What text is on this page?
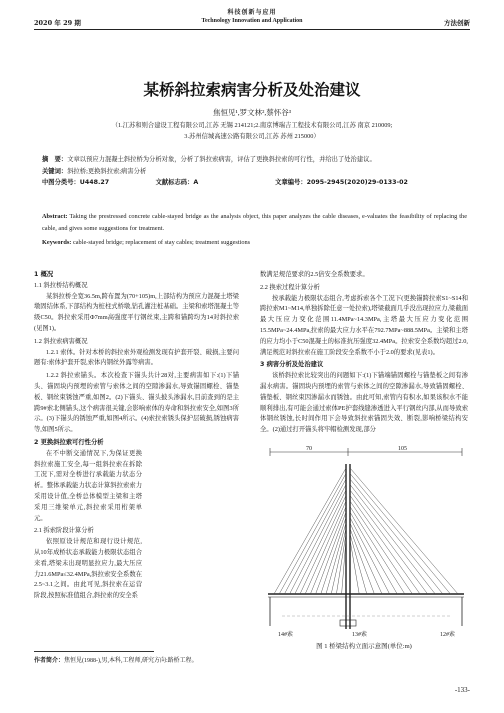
科技创新与应用
2020 年 29 期	Technology Innovation and Application	方法创新
某桥斜拉索病害分析及处治建议
焦恒见¹,罗文林²,蔡怀谷³
（1.江苏和则合建设工程有限公司,江苏 无锡 214121;2.南京博瑞吉工程技术有限公司,江苏 南京 210009;
3.苏州信城高速公路有限公司,江苏 苏州 215000）
摘　要：文章以预应力混凝土斜拉桥为分析对象，分析了斜拉索病害，评估了更换斜拉索的可行性，并给出了处治建议。
关键词：斜拉桥;更换斜拉索;病害分析
中图分类号：U448.27	文献标志码：A	文章编号：2095-2945(2020)29-0133-02
Abstract: Taking the prestressed concrete cable-stayed bridge as the analysis object, this paper analyzes the cable diseases, e-valuates the feasibility of replacing the cable, and gives some suggestions for treatment.
Keywords: cable-stayed bridge; replacement of stay cables; treatment suggestions

1 概况

1.1 斜拉桥结构概况

某斜拉桥全宽36.5m,跨布置为(70+105)m,上部结构为预应力混凝土塔梁墩固结体系,下部结构为桩柱式桥墩,钻孔灌注桩基础。主梁和索塔混凝土等级C50。斜拉索采用Φ7mm高强度平行钢丝束,主跨和锚跨均为14对斜拉索(见图1)。

1.2 斜拉索病害概况

1.2.1 索体。针对本桥的斜拉索外观检测发现有护套开裂、破损,主要问题有:索体护套开裂,索体内钢丝外露等病害。

1.2.2 斜拉索锚头。本次检查下锚头共计28对,主要病害如下:(1)下锚头、锚固块内预埋的索管与索体之间的空隙渗漏水,导致锚固螺栓、锚垫板、钢丝束锈蚀严重,如图2。(2)下锚头、锚头披头渗漏水,目前查到的是主跨9#索北侧锚头,这个病害很关键,会影响索体的寿命和斜拉索安全,如图3所示。(3)下锚头的锈蚀严重,如图4所示。(4)索拉索锈头保护层破损,锈蚀病害等,如图5所示。

2 更换斜拉索可行性分析

在不中断交通情况下,为保证更换斜拉索施工安全,每一组斜拉索在拆除工况下,需对全桥进行承载能力状态分析。整体承载能力状态计算斜拉索索力采用设计值,全桥总体模型主梁和主塔采用三维梁单元,斜拉索采用桁架单元。

2.1 拆索阶段计算分析

依照原设计规范和现行设计规范,从10年成桥状态承载能力极限状态组合来看,塔梁未出现明显拉应力,最大压应力21.6MPa≤32.4MPa,斜拉索安全系数在2.5~3.1之间。由此可见,斜拉索在运营阶段,按照标准值组合,斜拉索的安全系

数满足规范要求的2.5倍安全系数要求。

2.2 换索过程计算分析

按承载能力极限状态组合,考虑拆索各个工况下(更换锚跨拉索S1~S14和跨拉索M1~M14,单独拆除任意一处拉索),塔梁截面几乎没出现拉应力,梁截面最大压应力变化范围11.4MPa~14.3MPa,主塔最大压应力变化范围15.5MPa~24.4MPa,拉索的最大应力水平在792.7MPa~888.5MPa。主梁和主塔的应力均小于C50混凝土的标准抗压强度32.4MPa。拉索安全系数均超过2.0,满足规范对斜拉索在施工阶段安全系数不小于2.0的要求(见表1)。

3 病害分析及处治建议

该桥斜拉索比较突出的问题如下:(1)下锚端锚固螺栓与锚垫板之间有渗漏水病害。锚固块内预埋的索管与索体之间的空隙渗漏水,导致锚固螺栓、锚垫板、钢丝束因渗漏水而锈蚀。由此可知,索管内有积水,如果该积水不能顺利排出,有可能会通过索体PE护套线缝渗透进入平行钢丝内部,从而导致索体钢丝锈蚀,长时间作用下会导致斜拉索锚固失效、断裂,影响桥梁结构安全。(2)通过打开锚头将牢帽检测发现,部分

70	105
14#索	13#索	12#索
图 1 桥梁结构立面示意图(单位:m)
作者简介：焦恒见(1988-),男,本科,工程师,研究方向:路桥工程。
-133-
